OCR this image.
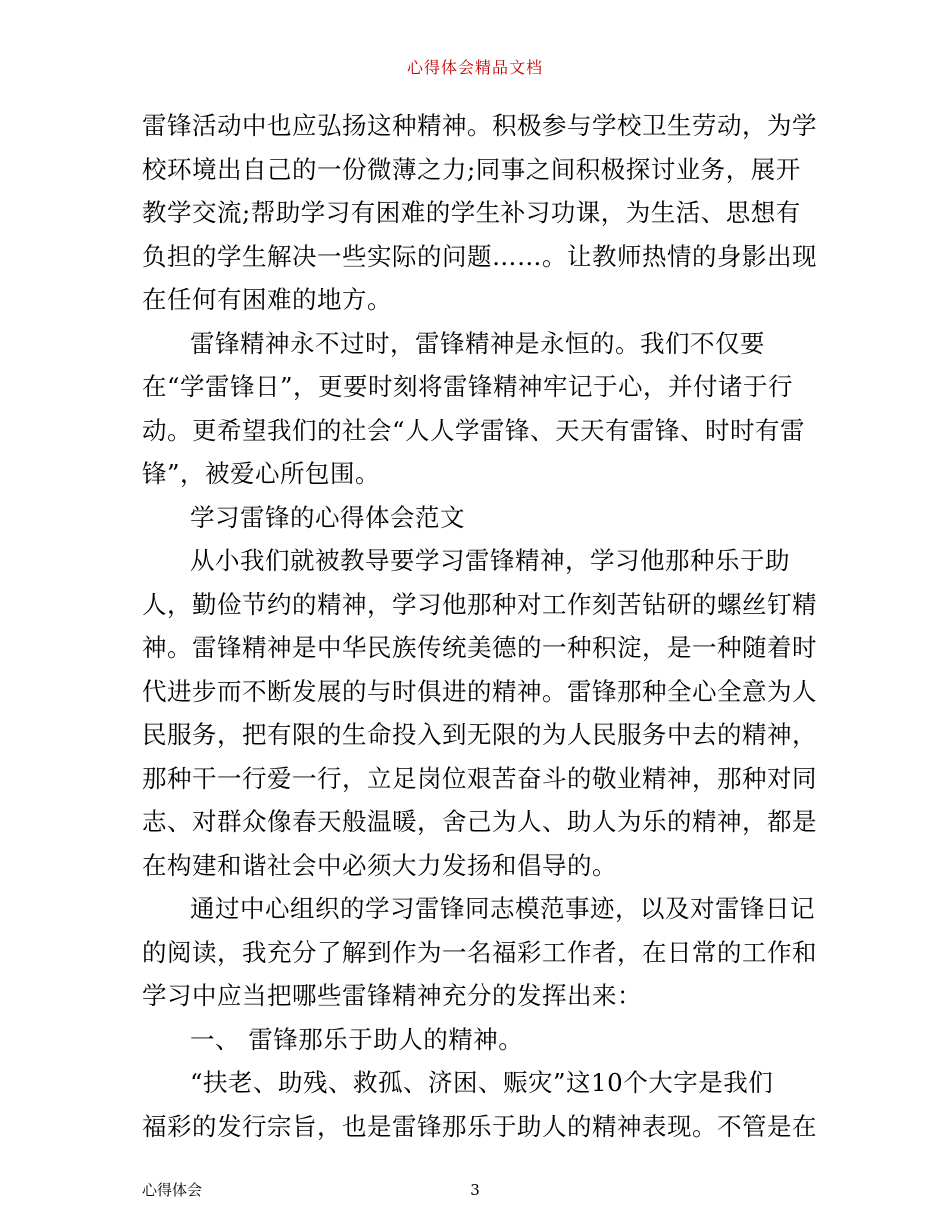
心得体会精品文档
雷锋活动中也应弘扬这种精神。积极参与学校卫生劳动，为学
校环境出自己的一份微薄之力;同事之间积极探讨业务，展开
教学交流;帮助学习有困难的学生补习功课，为生活、思想有
负担的学生解决一些实际的问题……。让教师热情的身影出现
在任何有困难的地方。
雷锋精神永不过时，雷锋精神是永恒的。我们不仅要
在“学雷锋日”，更要时刻将雷锋精神牢记于心，并付诸于行
动。更希望我们的社会“人人学雷锋、天天有雷锋、时时有雷
锋”，被爱心所包围。
学习雷锋的心得体会范文
从小我们就被教导要学习雷锋精神，学习他那种乐于助
人，勤俭节约的精神，学习他那种对工作刻苦钻研的螺丝钉精
神。雷锋精神是中华民族传统美德的一种积淀，是一种随着时
代进步而不断发展的与时俱进的精神。雷锋那种全心全意为人
民服务，把有限的生命投入到无限的为人民服务中去的精神，
那种干一行爱一行，立足岗位艰苦奋斗的敬业精神，那种对同
志、对群众像春天般温暖，舍己为人、助人为乐的精神，都是
在构建和谐社会中必须大力发扬和倡导的。
通过中心组织的学习雷锋同志模范事迹，以及对雷锋日记
的阅读，我充分了解到作为一名福彩工作者，在日常的工作和
学习中应当把哪些雷锋精神充分的发挥出来：
一、 雷锋那乐于助人的精神。
“扶老、助残、救孤、济困、赈灾”这10个大字是我们
福彩的发行宗旨，也是雷锋那乐于助人的精神表现。不管是在
心得体会	3
